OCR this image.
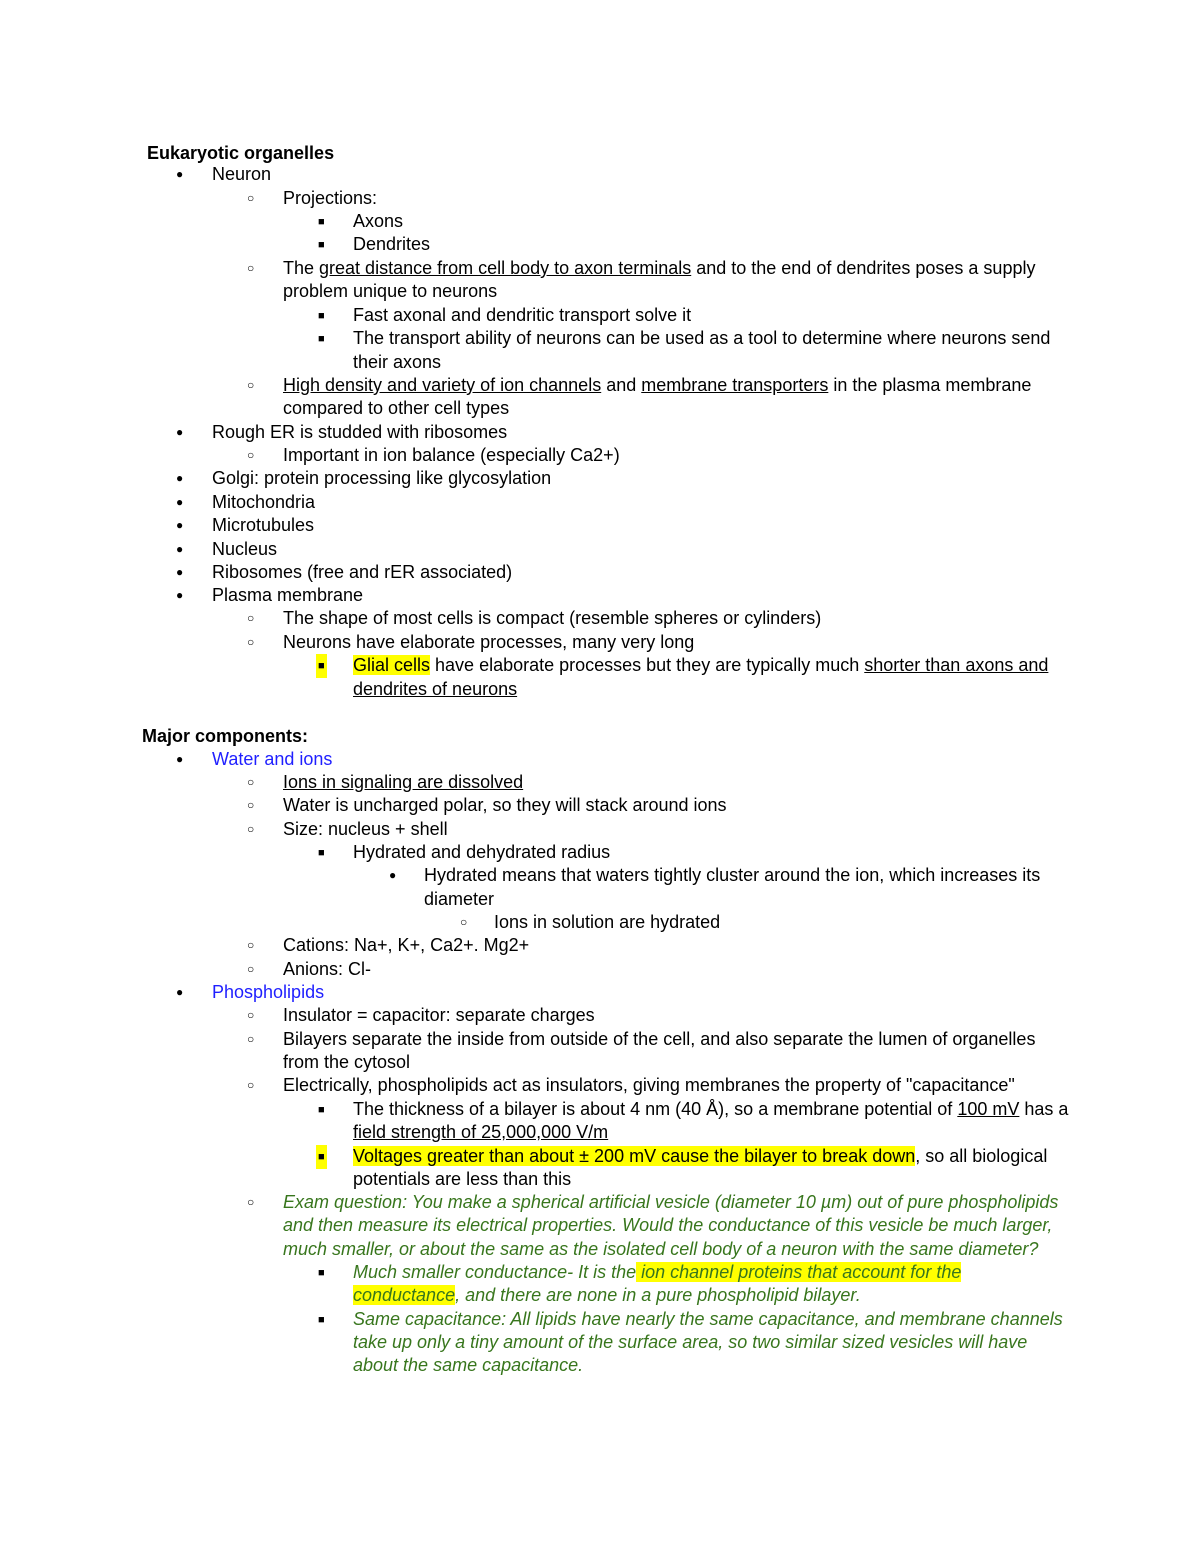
Eukaryotic organelles
●
Neuron
○
Projections:
■
Axons
■
Dendrites
○
The great distance from cell body to axon terminals and to the end of dendrites poses a supply
problem unique to neurons
■
Fast axonal and dendritic transport solve it
■
The transport ability of neurons can be used as a tool to determine where neurons send
their axons
○
High density and variety of ion channels and membrane transporters in the plasma membrane
compared to other cell types
●
Rough ER is studded with ribosomes
○
Important in ion balance (especially Ca2+)
●
Golgi: protein processing like glycosylation
●
Mitochondria
●
Microtubules
●
Nucleus
●
Ribosomes (free and rER associated)
●
Plasma membrane
○
The shape of most cells is compact (resemble spheres or cylinders)
○
Neurons have elaborate processes, many very long
■
Glial cells have elaborate processes but they are typically much shorter than axons and
dendrites of neurons
Major components:
●
Water and ions
○
Ions in signaling are dissolved
○
Water is uncharged polar, so they will stack around ions
○
Size: nucleus + shell
■
Hydrated and dehydrated radius
●
Hydrated means that waters tightly cluster around the ion, which increases its
diameter
○
Ions in solution are hydrated
○
Cations: Na+, K+, Ca2+. Mg2+
○
Anions: Cl-
●
Phospholipids
○
Insulator = capacitor: separate charges
○
Bilayers separate the inside from outside of the cell, and also separate the lumen of organelles
from the cytosol
○
Electrically, phospholipids act as insulators, giving membranes the property of "capacitance"
■
The thickness of a bilayer is about 4 nm (40 Å), so a membrane potential of 100 mV has a
field strength of 25,000,000 V/m
■
Voltages greater than about ± 200 mV cause the bilayer to break down, so all biological
potentials are less than this
○
Exam question: You make a spherical artificial vesicle (diameter 10 µm) out of pure phospholipids
and then measure its electrical properties. Would the conductance of this vesicle be much larger,
much smaller, or about the same as the isolated cell body of a neuron with the same diameter?
■
Much smaller conductance- It is the ion channel proteins that account for the
conductance, and there are none in a pure phospholipid bilayer.
■
Same capacitance: All lipids have nearly the same capacitance, and membrane channels
take up only a tiny amount of the surface area, so two similar sized vesicles will have
about the same capacitance.
